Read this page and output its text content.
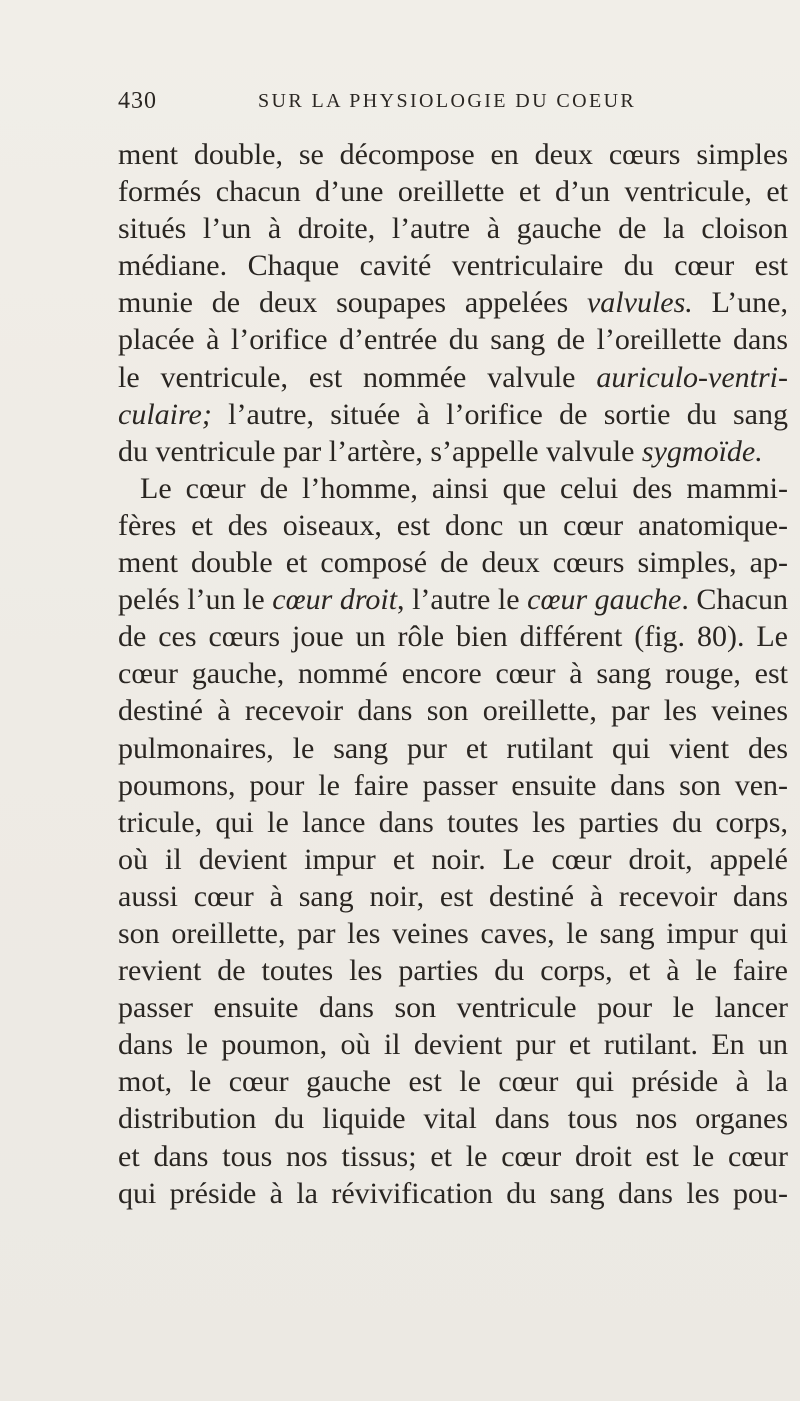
430	SUR LA PHYSIOLOGIE DU COEUR
ment double, se décompose en deux cœurs simples
formés chacun d’une oreillette et d’un ventricule, et
situés l’un à droite, l’autre à gauche de la cloison
médiane. Chaque cavité ventriculaire du cœur est
munie de deux soupapes appelées valvules. L’une,
placée à l’orifice d’entrée du sang de l’oreillette dans
le ventricule, est nommée valvule auriculo-ventri-
culaire; l’autre, située à l’orifice de sortie du sang
du ventricule par l’artère, s’appelle valvule sygmoïde.
Le cœur de l’homme, ainsi que celui des mammi-
fères et des oiseaux, est donc un cœur anatomique-
ment double et composé de deux cœurs simples, ap-
pelés l’un le cœur droit, l’autre le cœur gauche. Chacun
de ces cœurs joue un rôle bien différent (fig. 80). Le
cœur gauche, nommé encore cœur à sang rouge, est
destiné à recevoir dans son oreillette, par les veines
pulmonaires, le sang pur et rutilant qui vient des
poumons, pour le faire passer ensuite dans son ven-
tricule, qui le lance dans toutes les parties du corps,
où il devient impur et noir. Le cœur droit, appelé
aussi cœur à sang noir, est destiné à recevoir dans
son oreillette, par les veines caves, le sang impur qui
revient de toutes les parties du corps, et à le faire
passer ensuite dans son ventricule pour le lancer
dans le poumon, où il devient pur et rutilant. En un
mot, le cœur gauche est le cœur qui préside à la
distribution du liquide vital dans tous nos organes
et dans tous nos tissus; et le cœur droit est le cœur
qui préside à la révivification du sang dans les pou-
